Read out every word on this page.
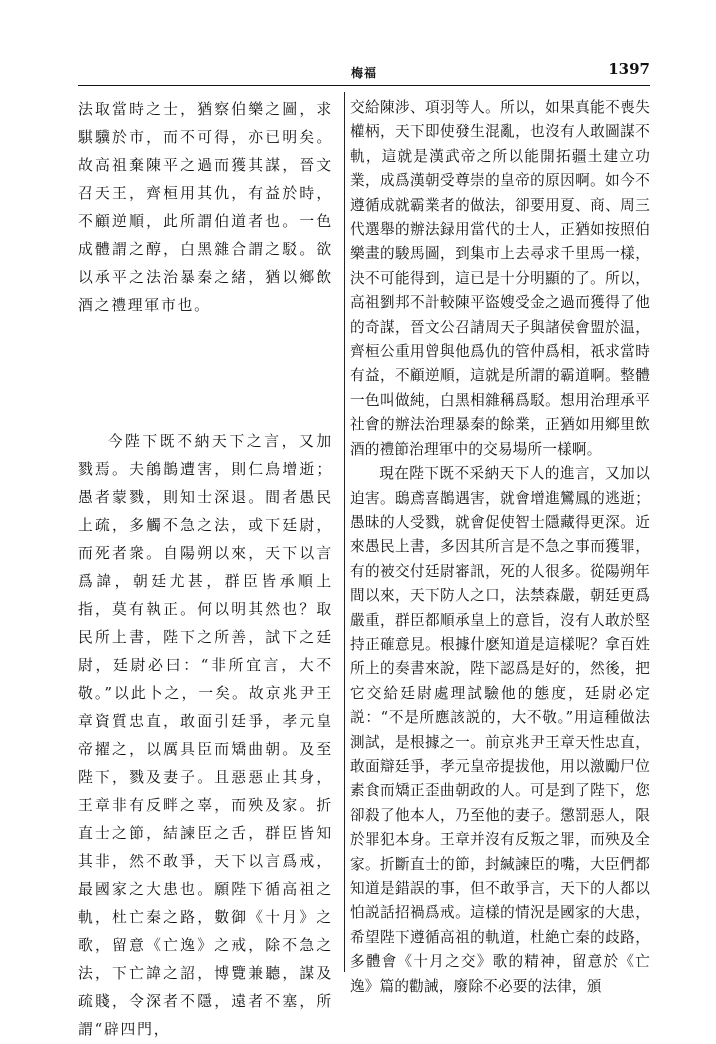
梅福	1397

法取當時之士，猶察伯樂之圖，求騏驥於市，而不可得，亦已明矣。故高祖棄陳平之過而獲其謀，晉文召天王，齊桓用其仇，有益於時，不顧逆順，此所謂伯道者也。一色成體謂之醇，白黑雜合謂之駁。欲以承平之法治暴秦之緒，猶以鄉飲酒之禮理軍市也。

今陛下既不納天下之言，又加戮焉。夫䳌鵲遭害，則仁鳥增逝；愚者蒙戮，則知士深退。間者愚民上疏，多觸不急之法，或下廷尉，而死者衆。自陽朔以來，天下以言爲諱，朝廷尤甚，群臣皆承順上指，莫有執正。何以明其然也？取民所上書，陛下之所善，試下之廷尉，廷尉必曰：“非所宜言，大不敬。”以此卜之，一矣。故京兆尹王章資質忠直，敢面引廷爭，孝元皇帝擢之，以厲具臣而矯曲朝。及至陛下，戮及妻子。且惡惡止其身，王章非有反畔之辜，而殃及家。折直士之節，結諫臣之舌，群臣皆知其非，然不敢爭，天下以言爲戒，最國家之大患也。願陛下循高祖之軌，杜亡秦之路，數御《十月》之歌，留意《亡逸》之戒，除不急之法，下亡諱之詔，博覽兼聽，謀及疏賤，令深者不隱，遠者不塞，所謂“辟四門，

交給陳涉、項羽等人。所以，如果真能不喪失權柄，天下即使發生混亂，也沒有人敢圖謀不軌，這就是漢武帝之所以能開拓疆土建立功業，成爲漢朝受尊崇的皇帝的原因啊。如今不遵循成就霸業者的做法，卻要用夏、商、周三代選舉的辦法録用當代的士人，正猶如按照伯樂畫的駿馬圖，到集市上去尋求千里馬一樣，決不可能得到，這已是十分明顯的了。所以，高祖劉邦不計較陳平盜嫂受金之過而獲得了他的奇謀，晉文公召請周天子與諸侯會盟於温，齊桓公重用曾與他爲仇的管仲爲相，祇求當時有益，不顧逆順，這就是所謂的霸道啊。整體一色叫做純，白黑相雜稱爲駁。想用治理承平社會的辦法治理暴秦的餘業，正猶如用鄉里飲酒的禮節治理軍中的交易場所一樣啊。

現在陛下既不采納天下人的進言，又加以迫害。鴟鳶喜鵲遇害，就會增進鸞鳳的逃逝；愚昧的人受戮，就會促使智士隱藏得更深。近來愚民上書，多因其所言是不急之事而獲罪，有的被交付廷尉審訊，死的人很多。從陽朔年間以來，天下防人之口，法禁森嚴，朝廷更爲嚴重，群臣都順承皇上的意旨，沒有人敢於堅持正確意見。根據什麽知道是這樣呢？拿百姓所上的奏書來說，陛下認爲是好的，然後，把它交給廷尉處理試驗他的態度，廷尉必定説：“不是所應該説的，大不敬。”用這種做法測試，是根據之一。前京兆尹王章天性忠直，敢面辯廷爭，孝元皇帝提拔他，用以激勵尸位素食而矯正歪曲朝政的人。可是到了陛下，您卻殺了他本人，乃至他的妻子。懲罰惡人，限於罪犯本身。王章并沒有反叛之罪，而殃及全家。折斷直士的節，封緘諫臣的嘴，大臣們都知道是錯誤的事，但不敢爭言，天下的人都以怕説話招禍爲戒。這樣的情況是國家的大患，希望陛下遵循高祖的軌道，杜絶亡秦的歧路，多體會《十月之交》歌的精神，留意於《亡逸》篇的勸誡，廢除不必要的法律，頒
